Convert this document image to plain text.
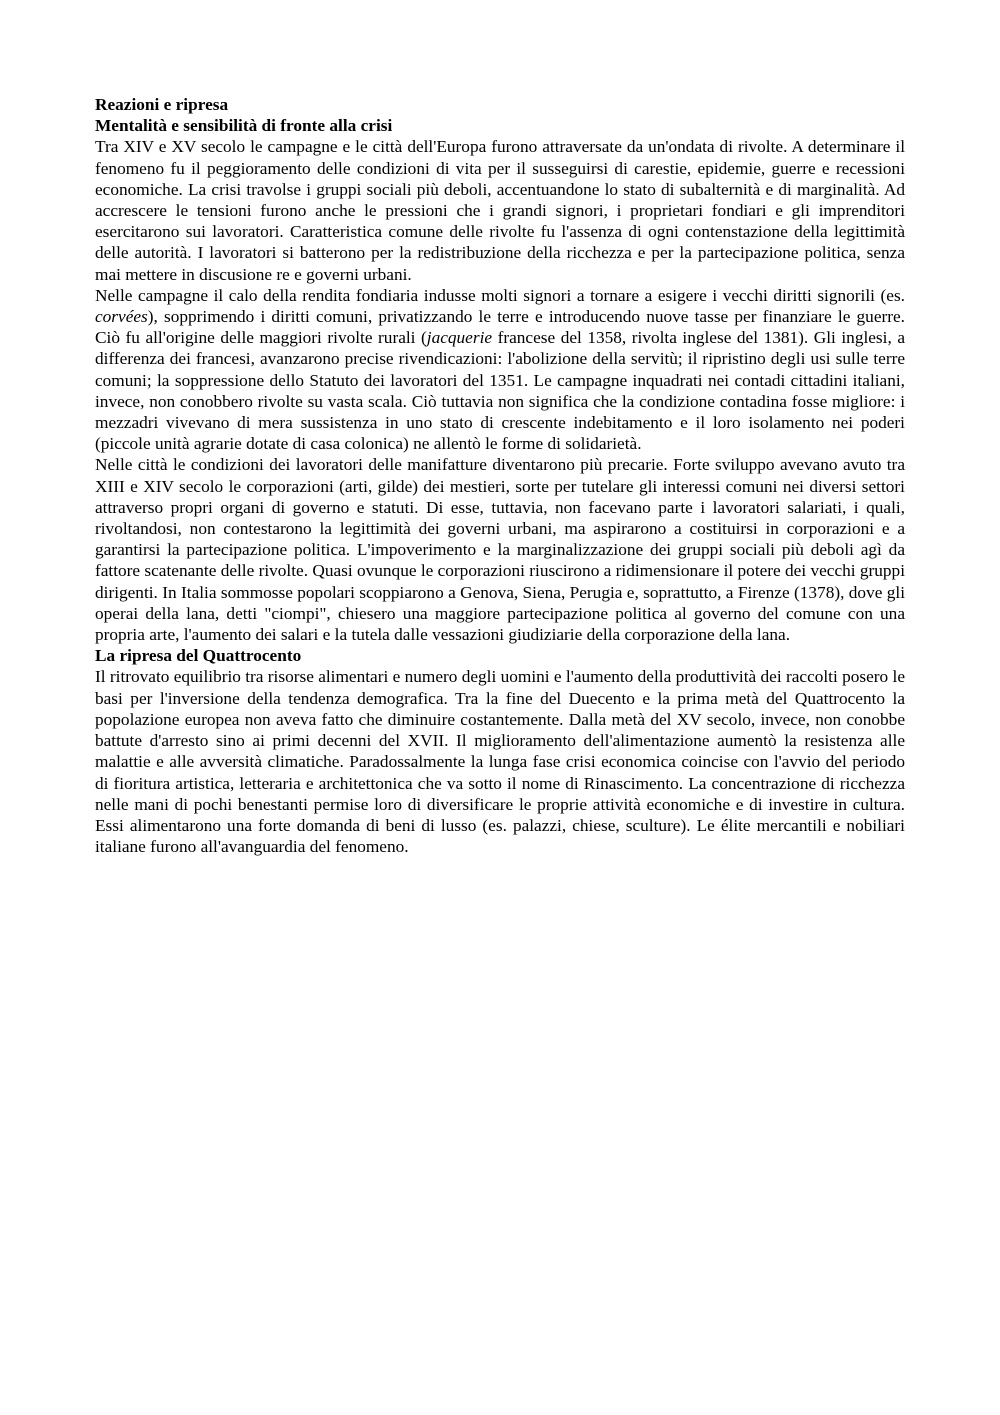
Reazioni e ripresa

Mentalità e sensibilità di fronte alla crisi

Tra XIV e XV secolo le campagne e le città dell'Europa furono attraversate da un'ondata di rivolte. A determinare il fenomeno fu il peggioramento delle condizioni di vita per il susseguirsi di carestie, epidemie, guerre e recessioni economiche. La crisi travolse i gruppi sociali più deboli, accentuandone lo stato di subalternità e di marginalità. Ad accrescere le tensioni furono anche le pressioni che i grandi signori, i proprietari fondiari e gli imprenditori esercitarono sui lavoratori. Caratteristica comune delle rivolte fu l'assenza di ogni contenstazione della legittimità delle autorità. I lavoratori si batterono per la redistribuzione della ricchezza e per la partecipazione politica, senza mai mettere in discusione re e governi urbani.

Nelle campagne il calo della rendita fondiaria indusse molti signori a tornare a esigere i vecchi diritti signorili (es. corvées), sopprimendo i diritti comuni, privatizzando le terre e introducendo nuove tasse per finanziare le guerre. Ciò fu all'origine delle maggiori rivolte rurali (jacquerie francese del 1358, rivolta inglese del 1381). Gli inglesi, a differenza dei francesi, avanzarono precise rivendicazioni: l'abolizione della servitù; il ripristino degli usi sulle terre comuni; la soppressione dello Statuto dei lavoratori del 1351. Le campagne inquadrati nei contadi cittadini italiani, invece, non conobbero rivolte su vasta scala. Ciò tuttavia non significa che la condizione contadina fosse migliore: i mezzadri vivevano di mera sussistenza in uno stato di crescente indebitamento e il loro isolamento nei poderi (piccole unità agrarie dotate di casa colonica) ne allentò le forme di solidarietà.

Nelle città le condizioni dei lavoratori delle manifatture diventarono più precarie. Forte sviluppo avevano avuto tra XIII e XIV secolo le corporazioni (arti, gilde) dei mestieri, sorte per tutelare gli interessi comuni nei diversi settori attraverso propri organi di governo e statuti. Di esse, tuttavia, non facevano parte i lavoratori salariati, i quali, rivoltandosi, non contestarono la legittimità dei governi urbani, ma aspirarono a costituirsi in corporazioni e a garantirsi la partecipazione politica. L'impoverimento e la marginalizzazione dei gruppi sociali più deboli agì da fattore scatenante delle rivolte. Quasi ovunque le corporazioni riuscirono a ridimensionare il potere dei vecchi gruppi dirigenti. In Italia sommosse popolari scoppiarono a Genova, Siena, Perugia e, soprattutto, a Firenze (1378), dove gli operai della lana, detti "ciompi", chiesero una maggiore partecipazione politica al governo del comune con una propria arte, l'aumento dei salari e la tutela dalle vessazioni giudiziarie della corporazione della lana.

La ripresa del Quattrocento

Il ritrovato equilibrio tra risorse alimentari e numero degli uomini e l'aumento della produttività dei raccolti posero le basi per l'inversione della tendenza demografica. Tra la fine del Duecento e la prima metà del Quattrocento la popolazione europea non aveva fatto che diminuire costantemente. Dalla metà del XV secolo, invece, non conobbe battute d'arresto sino ai primi decenni del XVII. Il miglioramento dell'alimentazione aumentò la resistenza alle malattie e alle avversità climatiche. Paradossalmente la lunga fase crisi economica coincise con l'avvio del periodo di fioritura artistica, letteraria e architettonica che va sotto il nome di Rinascimento. La concentrazione di ricchezza nelle mani di pochi benestanti permise loro di diversificare le proprie attività economiche e di investire in cultura. Essi alimentarono una forte domanda di beni di lusso (es. palazzi, chiese, sculture). Le élite mercantili e nobiliari italiane furono all'avanguardia del fenomeno.
